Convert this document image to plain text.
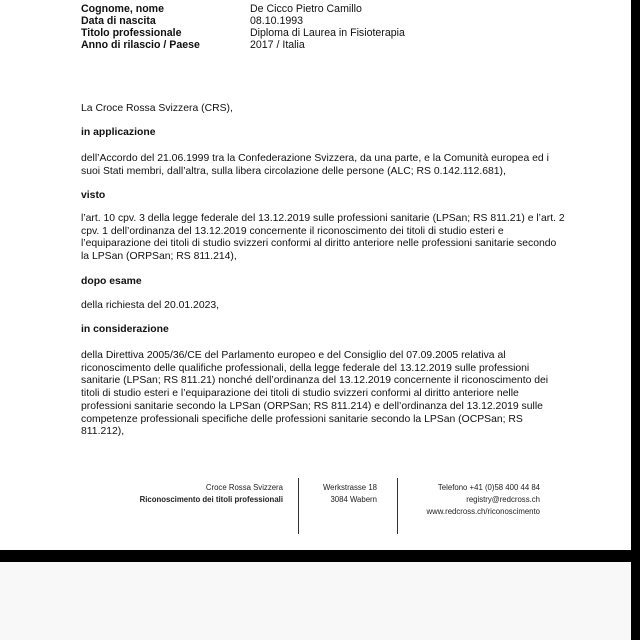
Cognome, nome	De Cicco Pietro Camillo
Data di nascita	08.10.1993
Titolo professionale	Diploma di Laurea in Fisioterapia
Anno di rilascio / Paese	2017 / Italia
La Croce Rossa Svizzera (CRS),
in applicazione
dell’Accordo del 21.06.1999 tra la Confederazione Svizzera, da una parte, e la Comunità europea ed i suoi Stati membri, dall’altra, sulla libera circolazione delle persone (ALC; RS 0.142.112.681),
visto
l’art. 10 cpv. 3 della legge federale del 13.12.2019 sulle professioni sanitarie (LPSan; RS 811.21) e l’art. 2 cpv. 1 dell’ordinanza del 13.12.2019 concernente il riconoscimento dei titoli di studio esteri e l’equiparazione dei titoli di studio svizzeri conformi al diritto anteriore nelle professioni sanitarie secondo la LPSan (ORPSan; RS 811.214),
dopo esame
della richiesta del 20.01.2023,
in considerazione
della Direttiva 2005/36/CE del Parlamento europeo e del Consiglio del 07.09.2005 relativa al riconoscimento delle qualifiche professionali, della legge federale del 13.12.2019 sulle professioni sanitarie (LPSan; RS 811.21) nonché dell’ordinanza del 13.12.2019 concernente il riconoscimento dei titoli di studio esteri e l’equiparazione dei titoli di studio svizzeri conformi al diritto anteriore nelle professioni sanitarie secondo la LPSan (ORPSan; RS 811.214) e dell’ordinanza del 13.12.2019 sulle competenze professionali specifiche delle professioni sanitarie secondo la LPSan (OCPSan; RS 811.212),
Croce Rossa Svizzera
Riconoscimento dei titoli professionali
Werkstrasse 18
3084 Wabern
Telefono +41 (0)58 400 44 84
registry@redcross.ch
www.redcross.ch/riconoscimento
